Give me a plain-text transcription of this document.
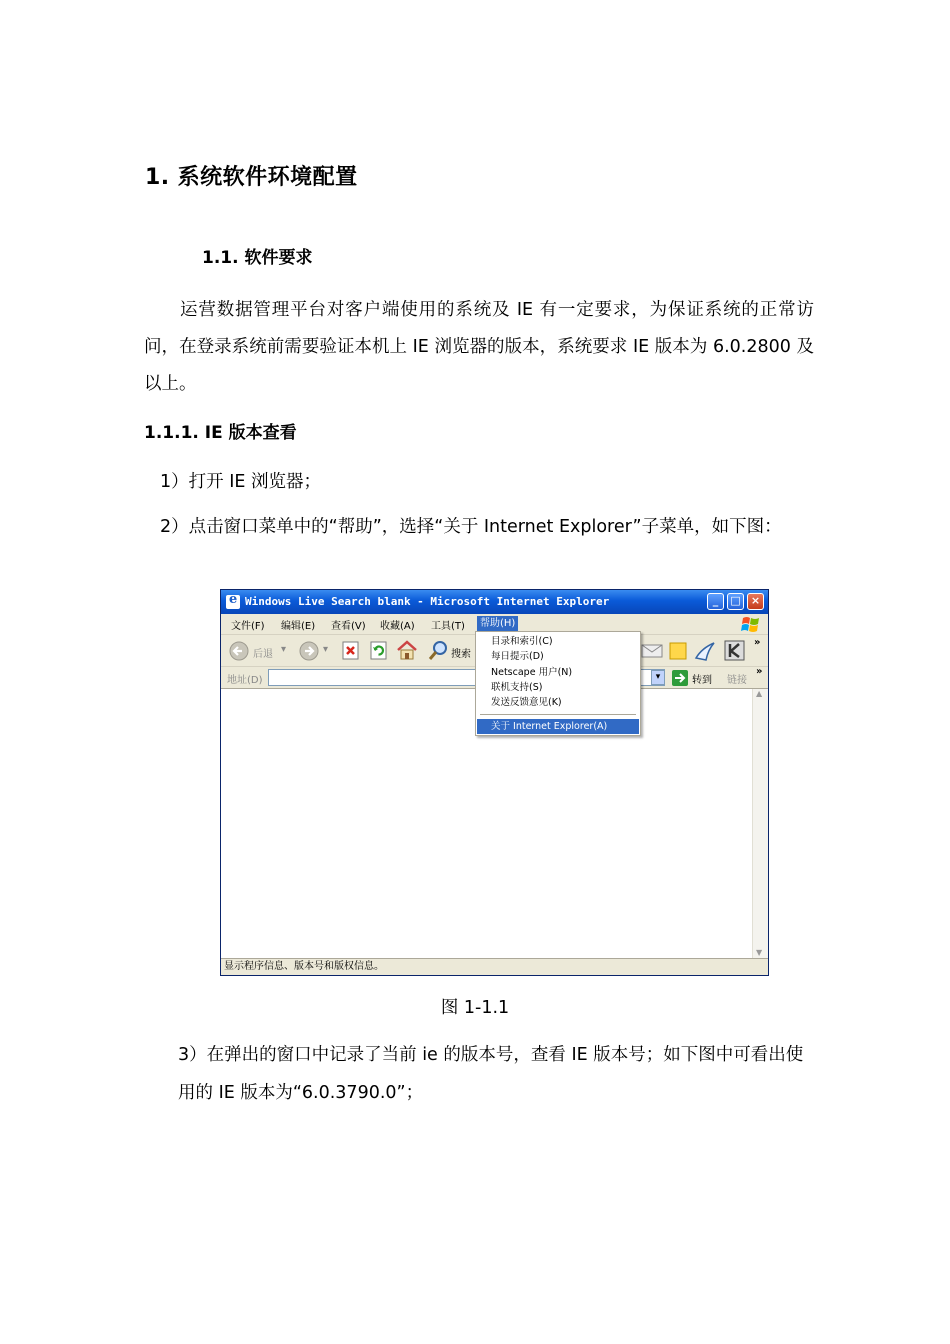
1. 系统软件环境配置
1.1. 软件要求
运营数据管理平台对客户端使用的系统及 IE 有一定要求，为保证系统的正常访问，在登录系统前需要验证本机上 IE 浏览器的版本，系统要求 IE 版本为 6.0.2800 及以上。
1.1.1. IE 版本查看
1）打开 IE 浏览器；
2）点击窗口菜单中的“帮助”，选择“关于 Internet Explorer”子菜单，如下图：
e
Windows Live Search blank - Microsoft Internet Explorer	_	□ ×
文件(F) 编辑(E) 查看(V) 收藏(A) 工具(T)	帮助(H)
后退 ▾	▾	搜索
»
地址(D)	▾	转到 链接
»
▲
▼
显示程序信息、版本号和版权信息。
目录和索引(C)
每日提示(D)
Netscape 用户(N)
联机支持(S)
发送反馈意见(K)
关于 Internet Explorer(A)
图 1-1.1
3）在弹出的窗口中记录了当前 ie 的版本号，查看 IE 版本号；如下图中可看出使用的 IE 版本为“6.0.3790.0”；
